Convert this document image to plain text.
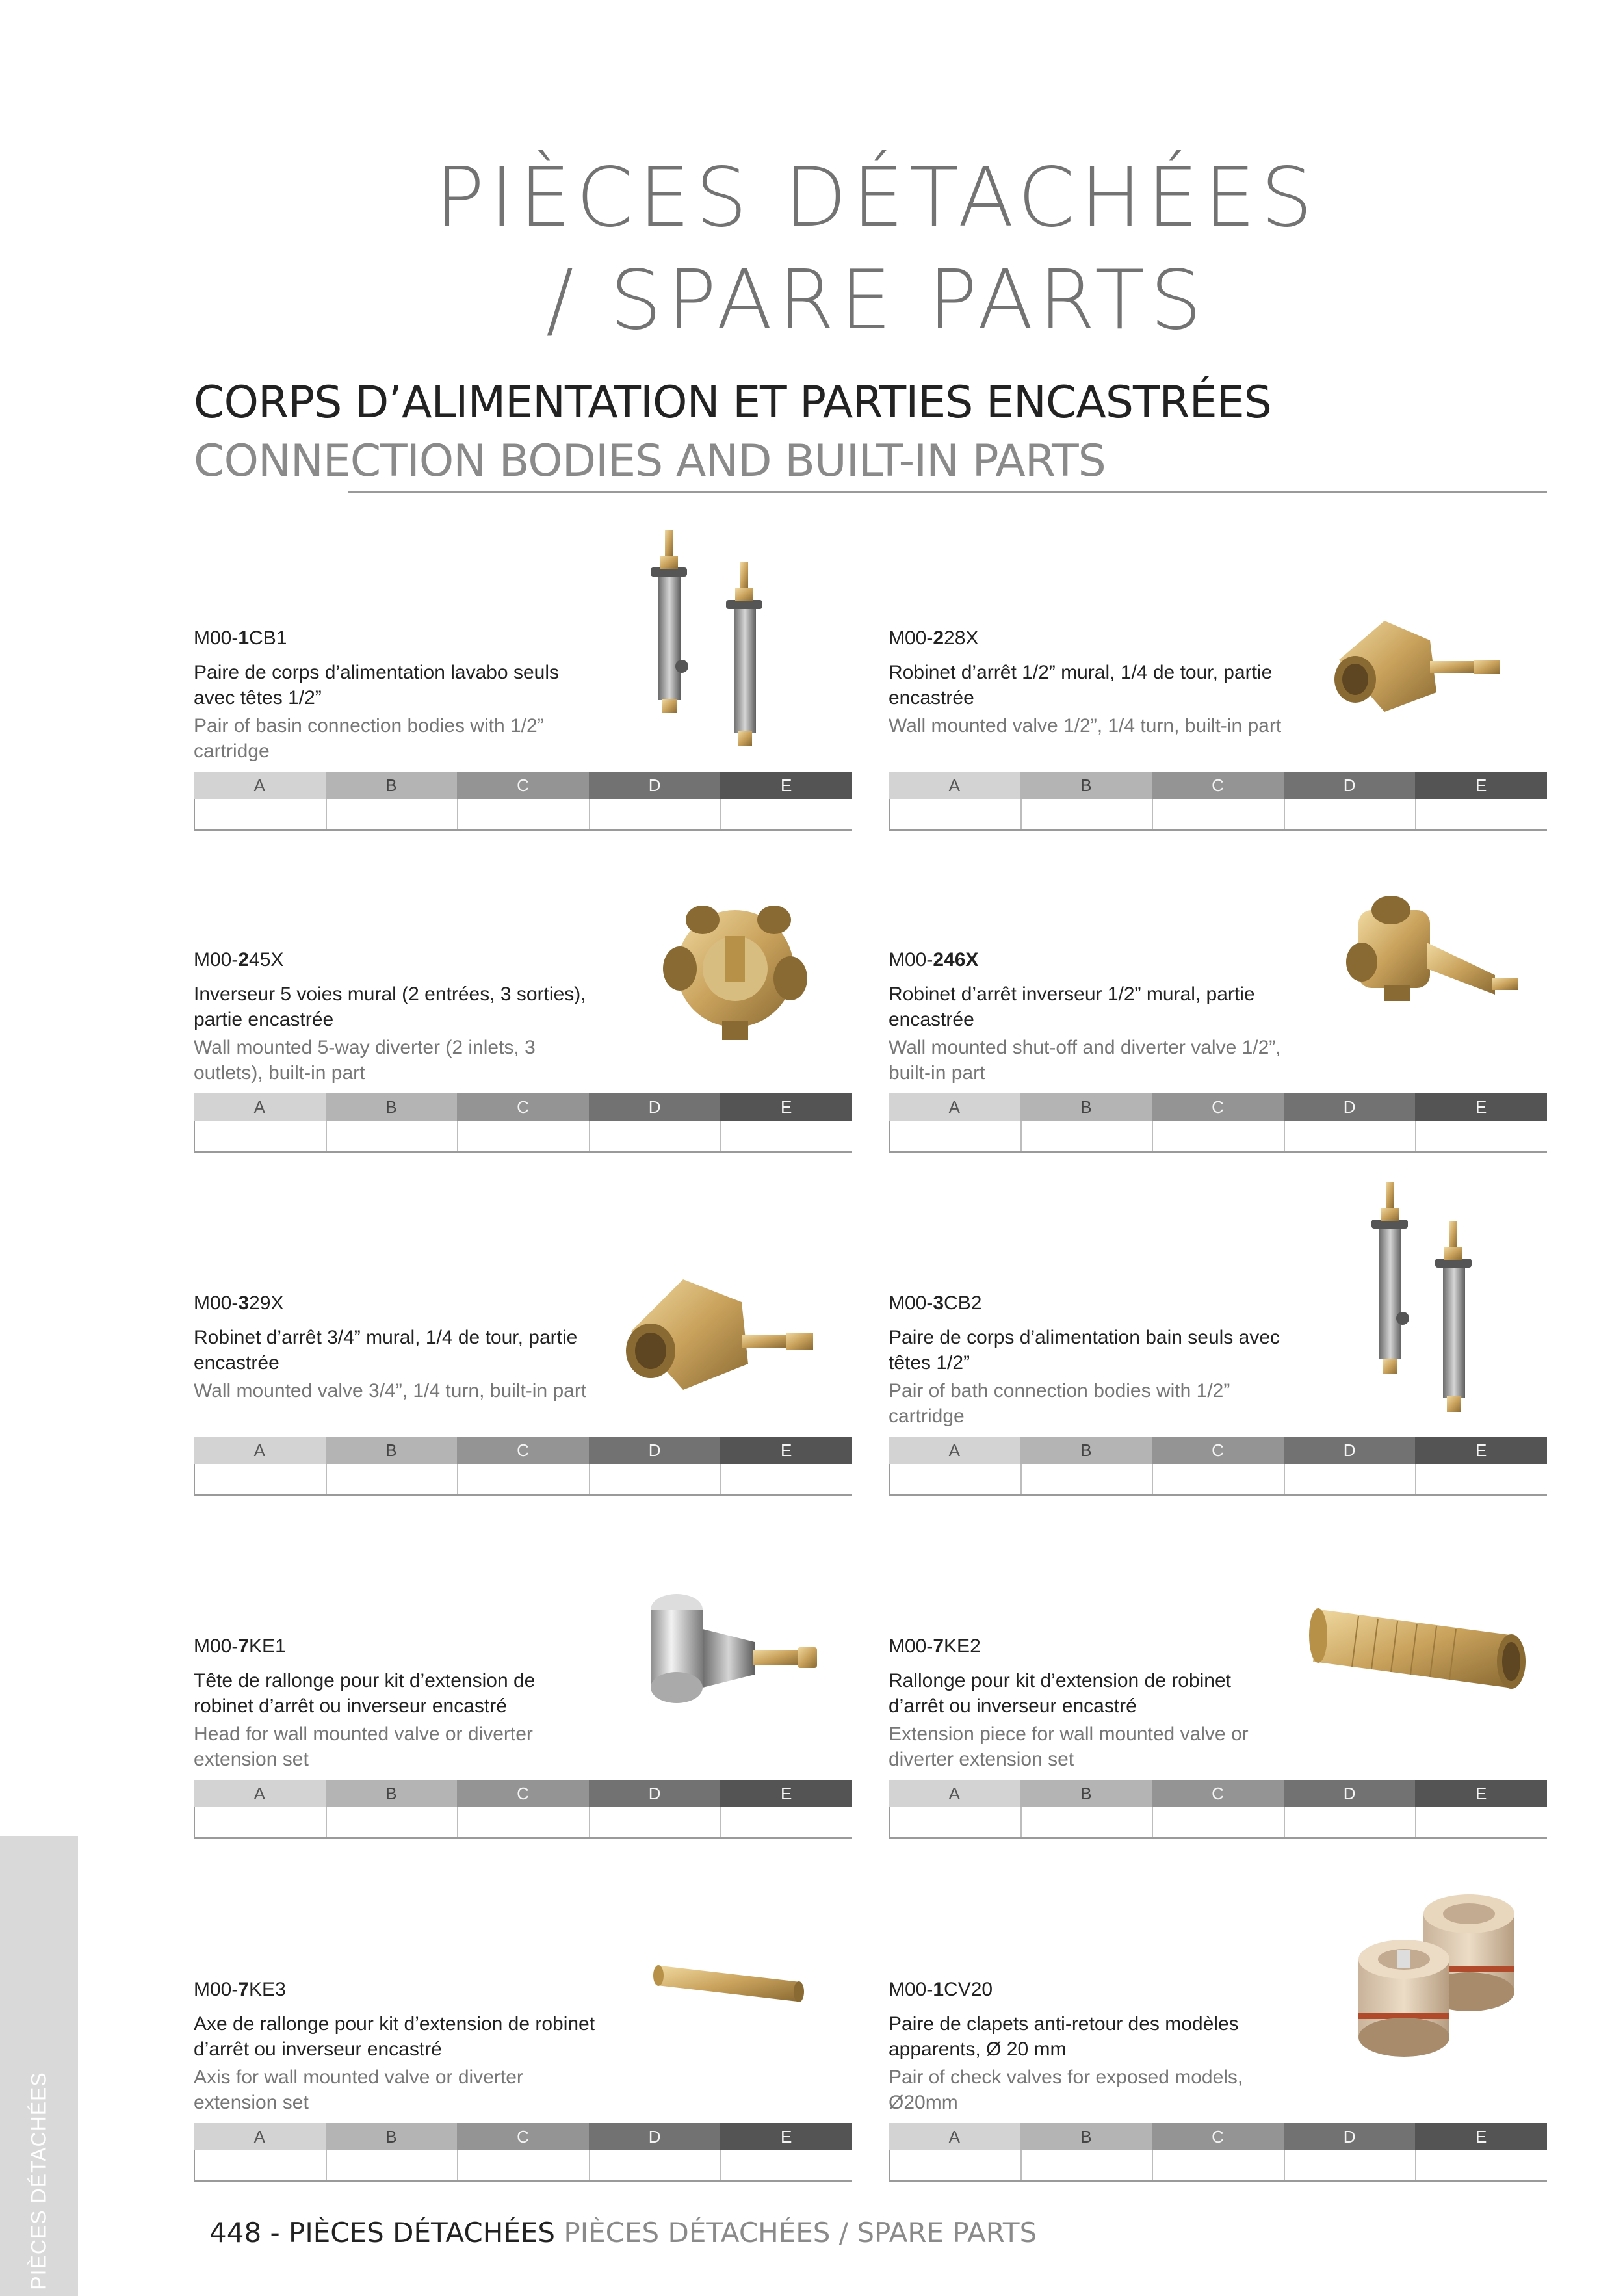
PIÈCES DÉTACHÉES
/ SPARE PARTS
CORPS D’ALIMENTATION ET PARTIES ENCASTRÉES
CONNECTION BODIES AND BUILT-IN PARTS
M00-1CB1
Paire de corps d’alimentation lavabo seuls avec têtes 1/2”
Pair of basin connection bodies with 1/2” cartridge
A	B	C	D	E
M00-228X
Robinet d’arrêt 1/2” mural, 1/4 de tour, partie encastrée
Wall mounted valve 1/2”, 1/4 turn, built-in part
A	B	C	D	E
M00-245X
Inverseur 5 voies mural (2 entrées, 3 sorties), partie encastrée
Wall mounted 5-way diverter (2 inlets, 3 outlets), built-in part
A	B	C	D	E
M00-246X
Robinet d’arrêt inverseur 1/2” mural, partie encastrée
Wall mounted shut-off and diverter valve 1/2”, built-in part
A	B	C	D	E
M00-329X
Robinet d’arrêt 3/4” mural, 1/4 de tour, partie encastrée
Wall mounted valve 3/4”, 1/4 turn, built-in part
A	B	C	D	E
M00-3CB2
Paire de corps d’alimentation bain seuls avec têtes 1/2”
Pair of bath connection bodies with 1/2” cartridge
A	B	C	D	E
M00-7KE1
Tête de rallonge pour kit d’extension de robinet d’arrêt ou inverseur encastré
Head for wall mounted valve or diverter extension set
A	B	C	D	E
M00-7KE2
Rallonge pour kit d’extension de robinet d’arrêt ou inverseur encastré
Extension piece for wall mounted valve or diverter extension set
A	B	C	D	E
M00-7KE3
Axe de rallonge pour kit d’extension de robinet d’arrêt ou inverseur encastré
Axis for wall mounted valve or diverter extension set
A	B	C	D	E
M00-1CV20
Paire de clapets anti-retour des modèles apparents, Ø 20 mm
Pair of check valves for exposed models, Ø20mm
A	B	C	D	E
PIÈCES DÉTACHÉES	448 - PIÈCES DÉTACHÉES PIÈCES DÉTACHÉES / SPARE PARTS
